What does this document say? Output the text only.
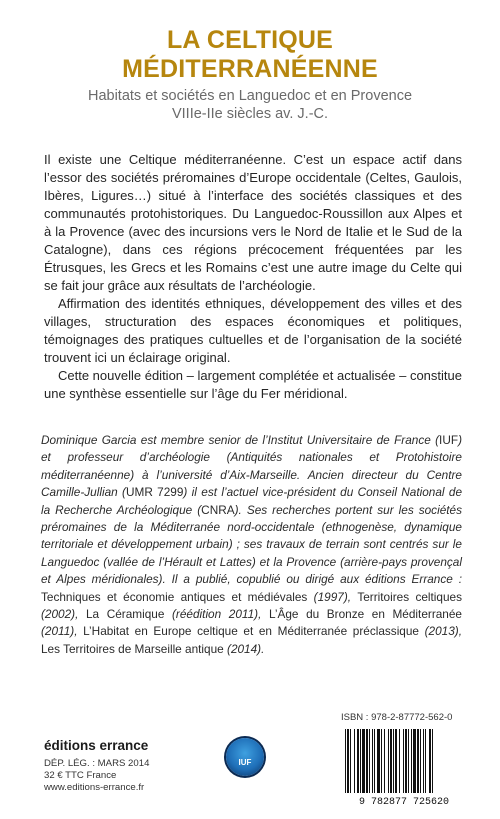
LA CELTIQUE
MÉDITERRANÉENNE
Habitats et sociétés en Languedoc et en Provence
VIIIe-IIe siècles av. J.-C.

Il existe une Celtique méditerranéenne. C’est un espace actif dans l’essor des sociétés préromaines d’Europe occidentale (Celtes, Gaulois, Ibères, Ligures…) situé à l’interface des sociétés classiques et des communautés protohistoriques. Du Languedoc-Roussillon aux Alpes et à la Provence (avec des incursions vers le Nord de Italie et le Sud de la Catalogne), dans ces régions précocement fréquentées par les Étrusques, les Grecs et les Romains c’est une autre image du Celte qui se fait jour grâce aux résultats de l’archéologie.

Affirmation des identités ethniques, développement des villes et des villages, structuration des espaces économiques et politiques, témoignages des pratiques cultuelles et de l’organisation de la société trouvent ici un éclairage original.

Cette nouvelle édition – largement complétée et actualisée – constitue une synthèse essentielle sur l’âge du Fer méridional.

Dominique Garcia est membre senior de l’Institut Universitaire de France (IUF) et professeur d’archéologie (Antiquités nationales et Protohistoire méditerranéenne) à l’université d’Aix-Marseille. Ancien directeur du Centre Camille-Jullian (UMR 7299) il est l’actuel vice-président du Conseil National de la Recherche Archéologique (CNRA). Ses recherches portent sur les sociétés préromaines de la Méditerranée nord-occidentale (ethnogenèse, dynamique territoriale et développement urbain) ; ses travaux de terrain sont centrés sur le Languedoc (vallée de l’Hérault et Lattes) et la Provence (arrière-pays provençal et Alpes méridionales). Il a publié, copublié ou dirigé aux éditions Errance : Techniques et économie antiques et médiévales (1997), Territoires celtiques (2002), La Céramique (réédition 2011), L’Âge du Bronze en Méditerranée (2011), L’Habitat en Europe celtique et en Méditerranée préclassique (2013), Les Territoires de Marseille antique (2014).

ISBN : 978-2-87772-562-0
9 782877 725620
éditions errance
DÉP. LÉG. : MARS 2014
32 € TTC France
www.editions-errance.fr
IUF
